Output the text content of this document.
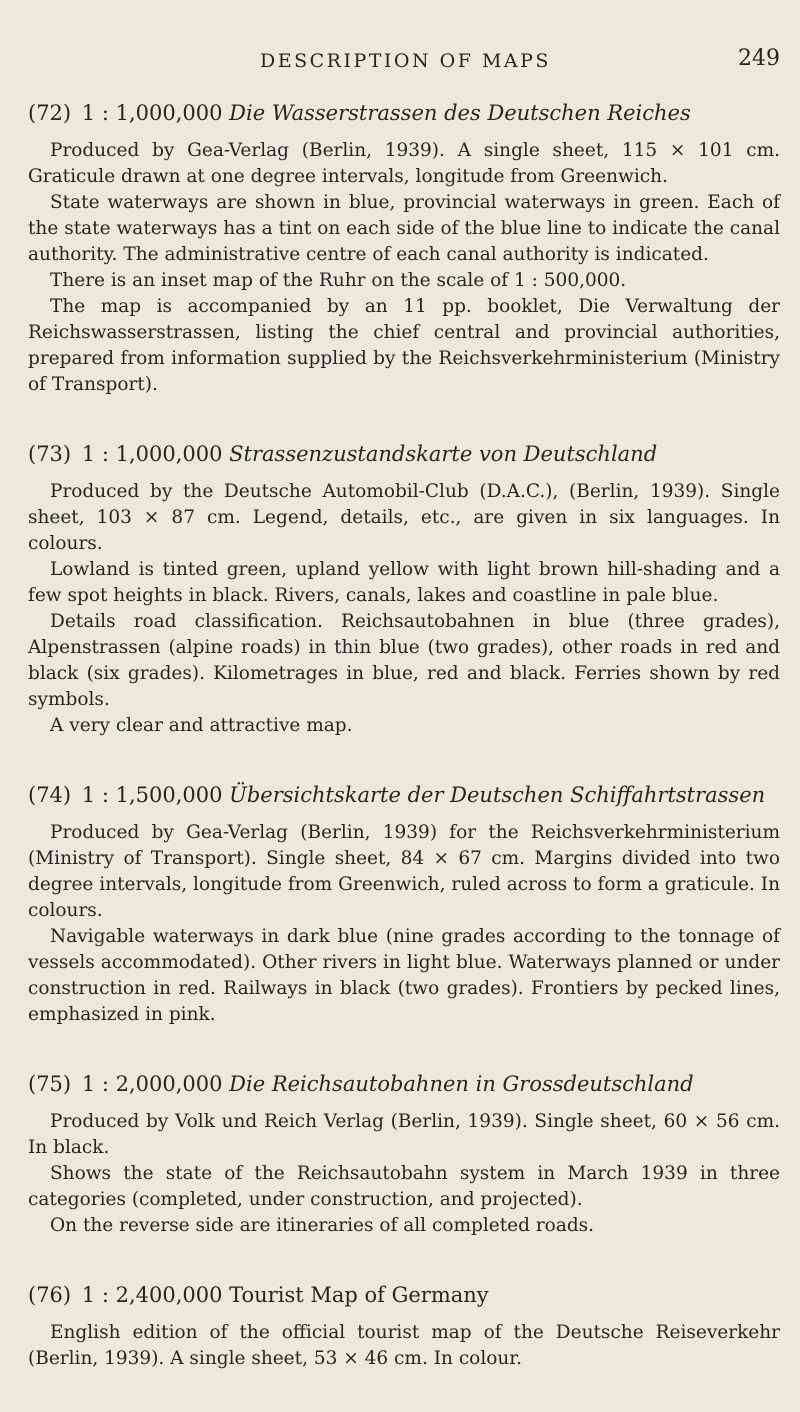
DESCRIPTION OF MAPS	249
(72) 1 : 1,000,000 Die Wasserstrassen des Deutschen Reiches

Produced by Gea-Verlag (Berlin, 1939). A single sheet, 115 × 101 cm. Graticule drawn at one degree intervals, longitude from Greenwich.

State waterways are shown in blue, provincial waterways in green. Each of the state waterways has a tint on each side of the blue line to indicate the canal authority. The administrative centre of each canal authority is indicated.

There is an inset map of the Ruhr on the scale of 1 : 500,000.

The map is accompanied by an 11 pp. booklet, Die Verwaltung der Reichswasserstrassen, listing the chief central and provincial authorities, prepared from information supplied by the Reichsverkehrministerium (Ministry of Transport).

(73) 1 : 1,000,000 Strassenzustandskarte von Deutschland

Produced by the Deutsche Automobil-Club (D.A.C.), (Berlin, 1939). Single sheet, 103 × 87 cm. Legend, details, etc., are given in six languages. In colours.

Lowland is tinted green, upland yellow with light brown hill-shading and a few spot heights in black. Rivers, canals, lakes and coastline in pale blue.

Details road classification. Reichsautobahnen in blue (three grades), Alpenstrassen (alpine roads) in thin blue (two grades), other roads in red and black (six grades). Kilometrages in blue, red and black. Ferries shown by red symbols.

A very clear and attractive map.

(74) 1 : 1,500,000 Übersichtskarte der Deutschen Schiffahrtstrassen

Produced by Gea-Verlag (Berlin, 1939) for the Reichsverkehrministerium (Ministry of Transport). Single sheet, 84 × 67 cm. Margins divided into two degree intervals, longitude from Greenwich, ruled across to form a graticule. In colours.

Navigable waterways in dark blue (nine grades according to the tonnage of vessels accommodated). Other rivers in light blue. Waterways planned or under construction in red. Railways in black (two grades). Frontiers by pecked lines, emphasized in pink.

(75) 1 : 2,000,000 Die Reichsautobahnen in Grossdeutschland

Produced by Volk und Reich Verlag (Berlin, 1939). Single sheet, 60 × 56 cm. In black.

Shows the state of the Reichsautobahn system in March 1939 in three categories (completed, under construction, and projected).

On the reverse side are itineraries of all completed roads.

(76) 1 : 2,400,000 Tourist Map of Germany

English edition of the official tourist map of the Deutsche Reiseverkehr (Berlin, 1939). A single sheet, 53 × 46 cm. In colour.
